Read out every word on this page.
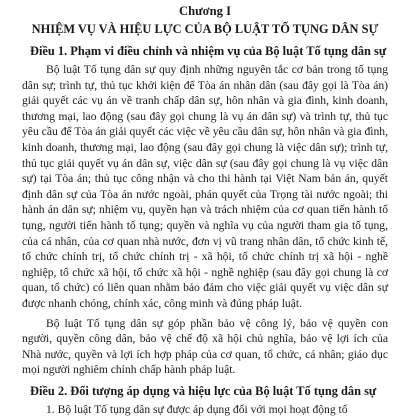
Chương I
NHIỆM VỤ VÀ HIỆU LỰC CỦA BỘ LUẬT TỐ TỤNG DÂN SỰ
Điều 1. Phạm vi điều chỉnh và nhiệm vụ của Bộ luật Tố tụng dân sự

Bộ luật Tố tụng dân sự quy định những nguyên tắc cơ bản trong tố tụng dân sự; trình tự, thủ tục khởi kiện để Tòa án nhân dân (sau đây gọi là Tòa án) giải quyết các vụ án về tranh chấp dân sự, hôn nhân và gia đình, kinh doanh, thương mại, lao động (sau đây gọi chung là vụ án dân sự) và trình tự, thủ tục yêu cầu để Tòa án giải quyết các việc về yêu cầu dân sự, hôn nhân và gia đình, kinh doanh, thương mại, lao động (sau đây gọi chung là việc dân sự); trình tự, thủ tục giải quyết vụ án dân sự, việc dân sự (sau đây gọi chung là vụ việc dân sự) tại Tòa án; thủ tục công nhận và cho thi hành tại Việt Nam bản án, quyết định dân sự của Tòa án nước ngoài, phán quyết của Trọng tài nước ngoài; thi hành án dân sự; nhiệm vụ, quyền hạn và trách nhiệm của cơ quan tiến hành tố tụng, người tiến hành tố tụng; quyền và nghĩa vụ của người tham gia tố tụng, của cá nhân, của cơ quan nhà nước, đơn vị vũ trang nhân dân, tổ chức kinh tế, tổ chức chính trị, tổ chức chính trị - xã hội, tổ chức chính trị xã hội - nghề nghiệp, tổ chức xã hội, tổ chức xã hội - nghề nghiệp (sau đây gọi chung là cơ quan, tổ chức) có liên quan nhằm bảo đảm cho việc giải quyết vụ việc dân sự được nhanh chóng, chính xác, công minh và đúng pháp luật.

Bộ luật Tố tụng dân sự góp phần bảo vệ công lý, bảo vệ quyền con người, quyền công dân, bảo vệ chế độ xã hội chủ nghĩa, bảo vệ lợi ích của Nhà nước, quyền và lợi ích hợp pháp của cơ quan, tổ chức, cá nhân; giáo dục mọi người nghiêm chỉnh chấp hành pháp luật.

Điều 2. Đối tượng áp dụng và hiệu lực của Bộ luật Tố tụng dân sự

1. Bộ luật Tố tụng dân sự được áp dụng đối với mọi hoạt động tố
